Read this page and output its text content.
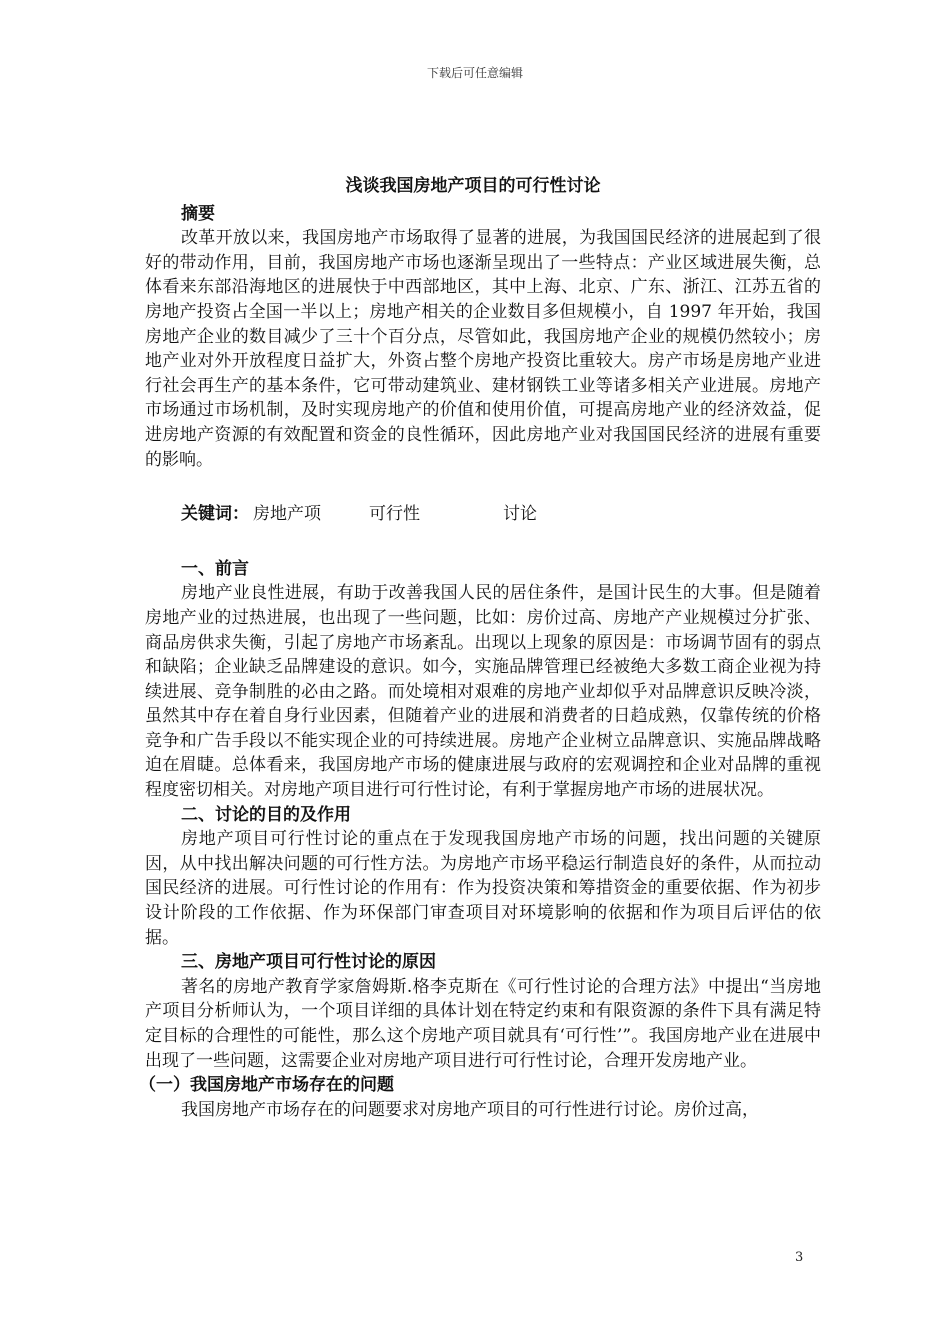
下载后可任意编辑
浅谈我国房地产项目的可行性讨论
摘要

改革开放以来，我国房地产市场取得了显著的进展，为我国国民经济的进展起到了很好的带动作用，目前，我国房地产市场也逐渐呈现出了一些特点：产业区域进展失衡，总体看来东部沿海地区的进展快于中西部地区，其中上海、北京、广东、浙江、江苏五省的房地产投资占全国一半以上；房地产相关的企业数目多但规模小，自 1997 年开始，我国房地产企业的数目减少了三十个百分点，尽管如此，我国房地产企业的规模仍然较小；房地产业对外开放程度日益扩大，外资占整个房地产投资比重较大。房产市场是房地产业进行社会再生产的基本条件，它可带动建筑业、建材钢铁工业等诸多相关产业进展。房地产市场通过市场机制，及时实现房地产的价值和使用价值，可提高房地产业的经济效益，促进房地产资源的有效配置和资金的良性循环，因此房地产业对我国国民经济的进展有重要的影响。

关键词： 房地产项	可行性	讨论
一、前言

房地产业良性进展，有助于改善我国人民的居住条件，是国计民生的大事。但是随着房地产业的过热进展，也出现了一些问题，比如：房价过高、房地产产业规模过分扩张、商品房供求失衡，引起了房地产市场紊乱。出现以上现象的原因是：市场调节固有的弱点和缺陷；企业缺乏品牌建设的意识。如今，实施品牌管理已经被绝大多数工商企业视为持续进展、竞争制胜的必由之路。而处境相对艰难的房地产业却似乎对品牌意识反映冷淡，虽然其中存在着自身行业因素，但随着产业的进展和消费者的日趋成熟，仅靠传统的价格竞争和广告手段以不能实现企业的可持续进展。房地产企业树立品牌意识、实施品牌战略迫在眉睫。总体看来，我国房地产市场的健康进展与政府的宏观调控和企业对品牌的重视程度密切相关。对房地产项目进行可行性讨论，有利于掌握房地产市场的进展状况。

二、讨论的目的及作用

房地产项目可行性讨论的重点在于发现我国房地产市场的问题，找出问题的关键原因，从中找出解决问题的可行性方法。为房地产市场平稳运行制造良好的条件，从而拉动国民经济的进展。可行性讨论的作用有：作为投资决策和筹措资金的重要依据、作为初步设计阶段的工作依据、作为环保部门审查项目对环境影响的依据和作为项目后评估的依据。

三、房地产项目可行性讨论的原因

著名的房地产教育学家詹姆斯.格李克斯在《可行性讨论的合理方法》中提出“当房地产项目分析师认为，一个项目详细的具体计划在特定约束和有限资源的条件下具有满足特定目标的合理性的可能性，那么这个房地产项目就具有‘可行性’”。我国房地产业在进展中出现了一些问题，这需要企业对房地产项目进行可行性讨论，合理开发房地产业。

（一）我国房地产市场存在的问题

我国房地产市场存在的问题要求对房地产项目的可行性进行讨论。房价过高，

3
